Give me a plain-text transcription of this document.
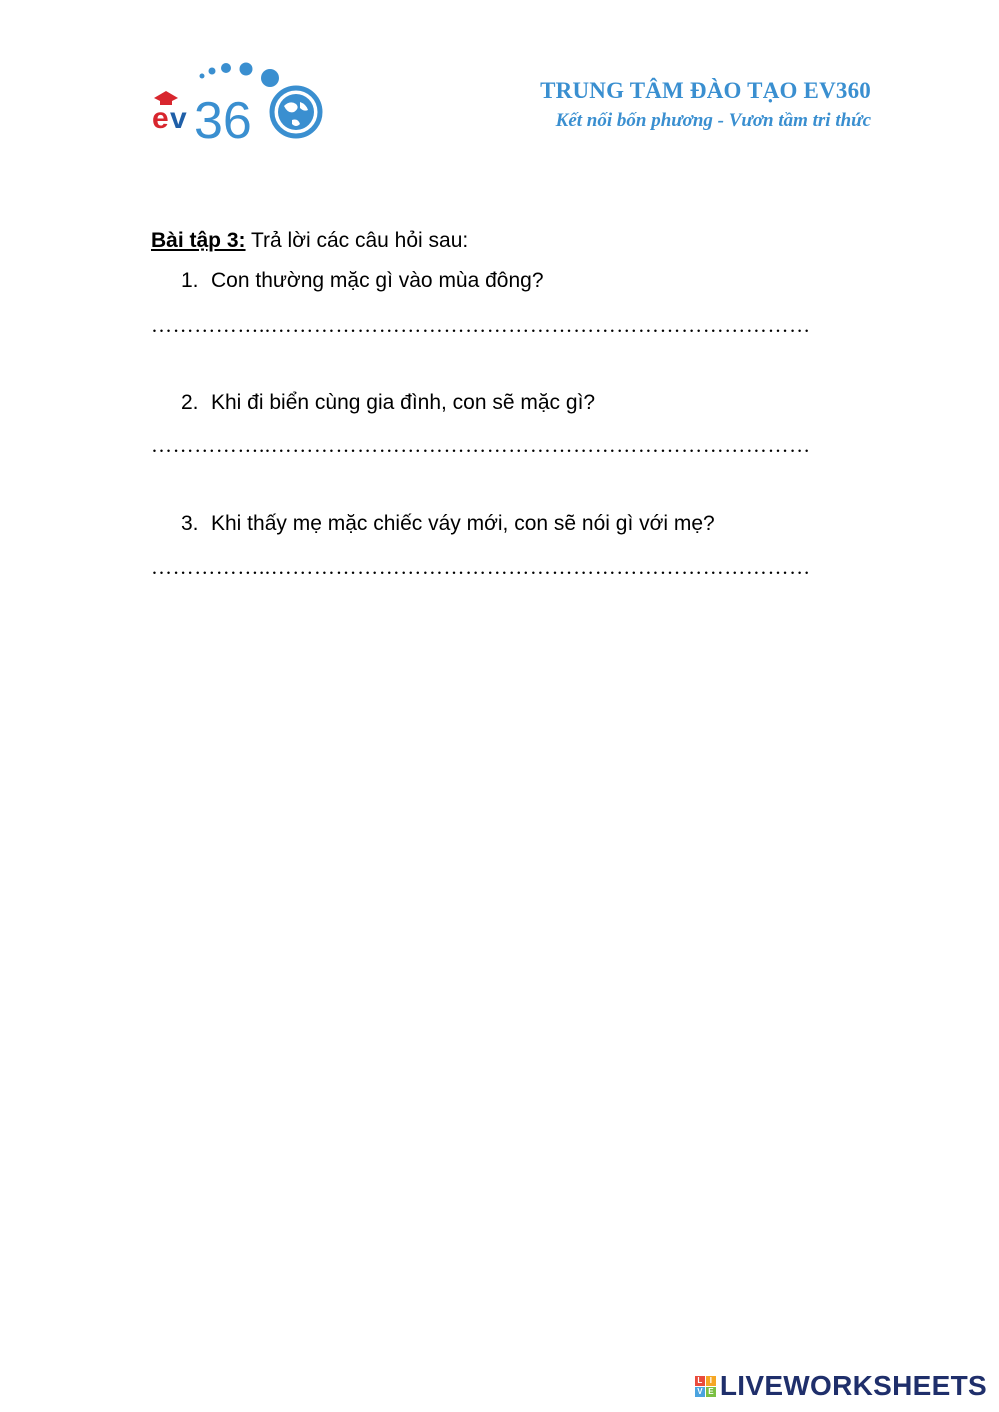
e v 36
TRUNG TÂM ĐÀO TẠO EV360
Kết nối bốn phương - Vươn tầm tri thức

Bài tập 3: Trả lời các câu hỏi sau:

1. Con thường mặc gì vào mùa đông?
……………..…………………………………………………………………
2. Khi đi biển cùng gia đình, con sẽ mặc gì?
……………..…………………………………………………………………
3. Khi thấy mẹ mặc chiếc váy mới, con sẽ nói gì với mẹ?
……………..…………………………………………………………………
L I
V E LIVEWORKSHEETS
